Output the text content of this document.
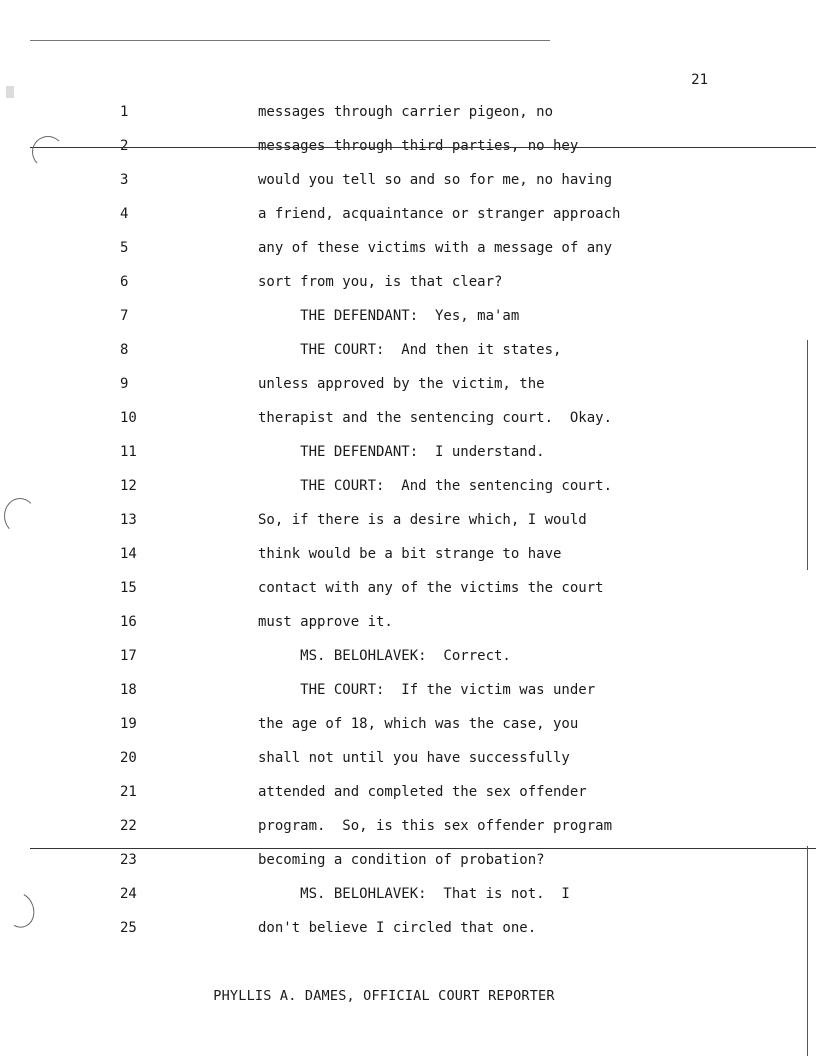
21
1	messages through carrier pigeon, no
2	messages through third parties, no hey
3	would you tell so and so for me, no having
4	a friend, acquaintance or stranger approach
5	any of these victims with a message of any
6	sort from you, is that clear?
7	THE DEFENDANT:  Yes, ma'am
8	THE COURT:  And then it states,
9	unless approved by the victim, the
10	therapist and the sentencing court.  Okay.
11	THE DEFENDANT:  I understand.
12	THE COURT:  And the sentencing court.
13	So, if there is a desire which, I would
14	think would be a bit strange to have
15	contact with any of the victims the court
16	must approve it.
17	MS. BELOHLAVEK:  Correct.
18	THE COURT:  If the victim was under
19	the age of 18, which was the case, you
20	shall not until you have successfully
21	attended and completed the sex offender
22	program.  So, is this sex offender program
23	becoming a condition of probation?
24	MS. BELOHLAVEK:  That is not.  I
25	don't believe I circled that one.
PHYLLIS A. DAMES, OFFICIAL COURT REPORTER
